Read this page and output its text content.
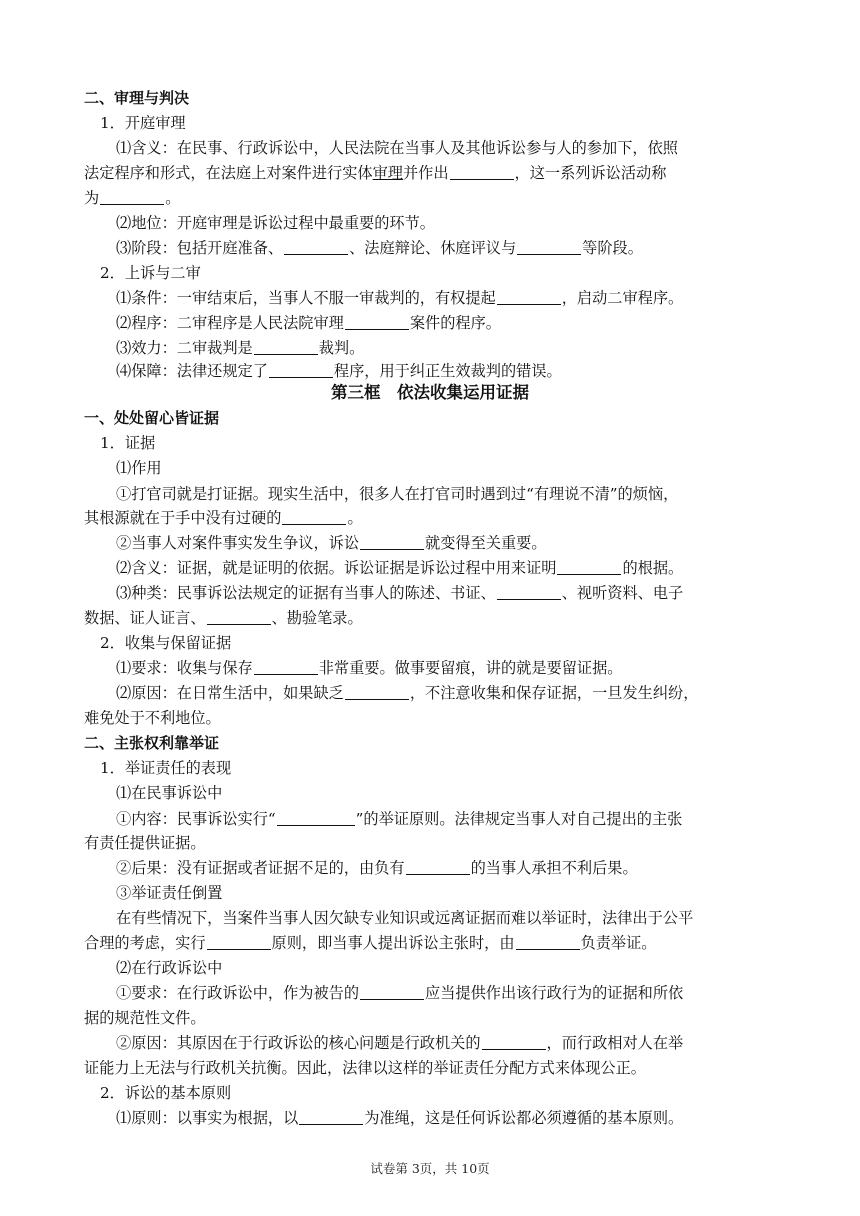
二、审理与判决
1．开庭审理
⑴含义：在民事、行政诉讼中，人民法院在当事人及其他诉讼参与人的参加下，依照
法定程序和形式，在法庭上对案件进行实体审理并作出	，这一系列诉讼活动称
为	。
⑵地位：开庭审理是诉讼过程中最重要的环节。
⑶阶段：包括开庭准备、	、法庭辩论、休庭评议与	等阶段。
2．上诉与二审
⑴条件：一审结束后，当事人不服一审裁判的，有权提起	，启动二审程序。
⑵程序：二审程序是人民法院审理	案件的程序。
⑶效力：二审裁判是	裁判。
⑷保障：法律还规定了	程序，用于纠正生效裁判的错误。
第三框　依法收集运用证据
一、处处留心皆证据
1．证据
⑴作用
①打官司就是打证据。现实生活中，很多人在打官司时遇到过“有理说不清”的烦恼，
其根源就在于手中没有过硬的	。
②当事人对案件事实发生争议，诉讼	就变得至关重要。
⑵含义：证据，就是证明的依据。诉讼证据是诉讼过程中用来证明	的根据。
⑶种类：民事诉讼法规定的证据有当事人的陈述、书证、	、视听资料、电子
数据、证人证言、	、勘验笔录。
2．收集与保留证据
⑴要求：收集与保存	非常重要。做事要留痕，讲的就是要留证据。
⑵原因：在日常生活中，如果缺乏	，不注意收集和保存证据，一旦发生纠纷，
难免处于不利地位。
二、主张权利靠举证
1．举证责任的表现
⑴在民事诉讼中
①内容：民事诉讼实行“	”的举证原则。法律规定当事人对自己提出的主张
有责任提供证据。
②后果：没有证据或者证据不足的，由负有	的当事人承担不利后果。
③举证责任倒置
在有些情况下，当案件当事人因欠缺专业知识或远离证据而难以举证时，法律出于公平
合理的考虑，实行	原则，即当事人提出诉讼主张时，由	负责举证。
⑵在行政诉讼中
①要求：在行政诉讼中，作为被告的	应当提供作出该行政行为的证据和所依
据的规范性文件。
②原因：其原因在于行政诉讼的核心问题是行政机关的	，而行政相对人在举
证能力上无法与行政机关抗衡。因此，法律以这样的举证责任分配方式来体现公正。
2．诉讼的基本原则
⑴原则：以事实为根据，以	为准绳，这是任何诉讼都必须遵循的基本原则。
试卷第 3页，共 10页
